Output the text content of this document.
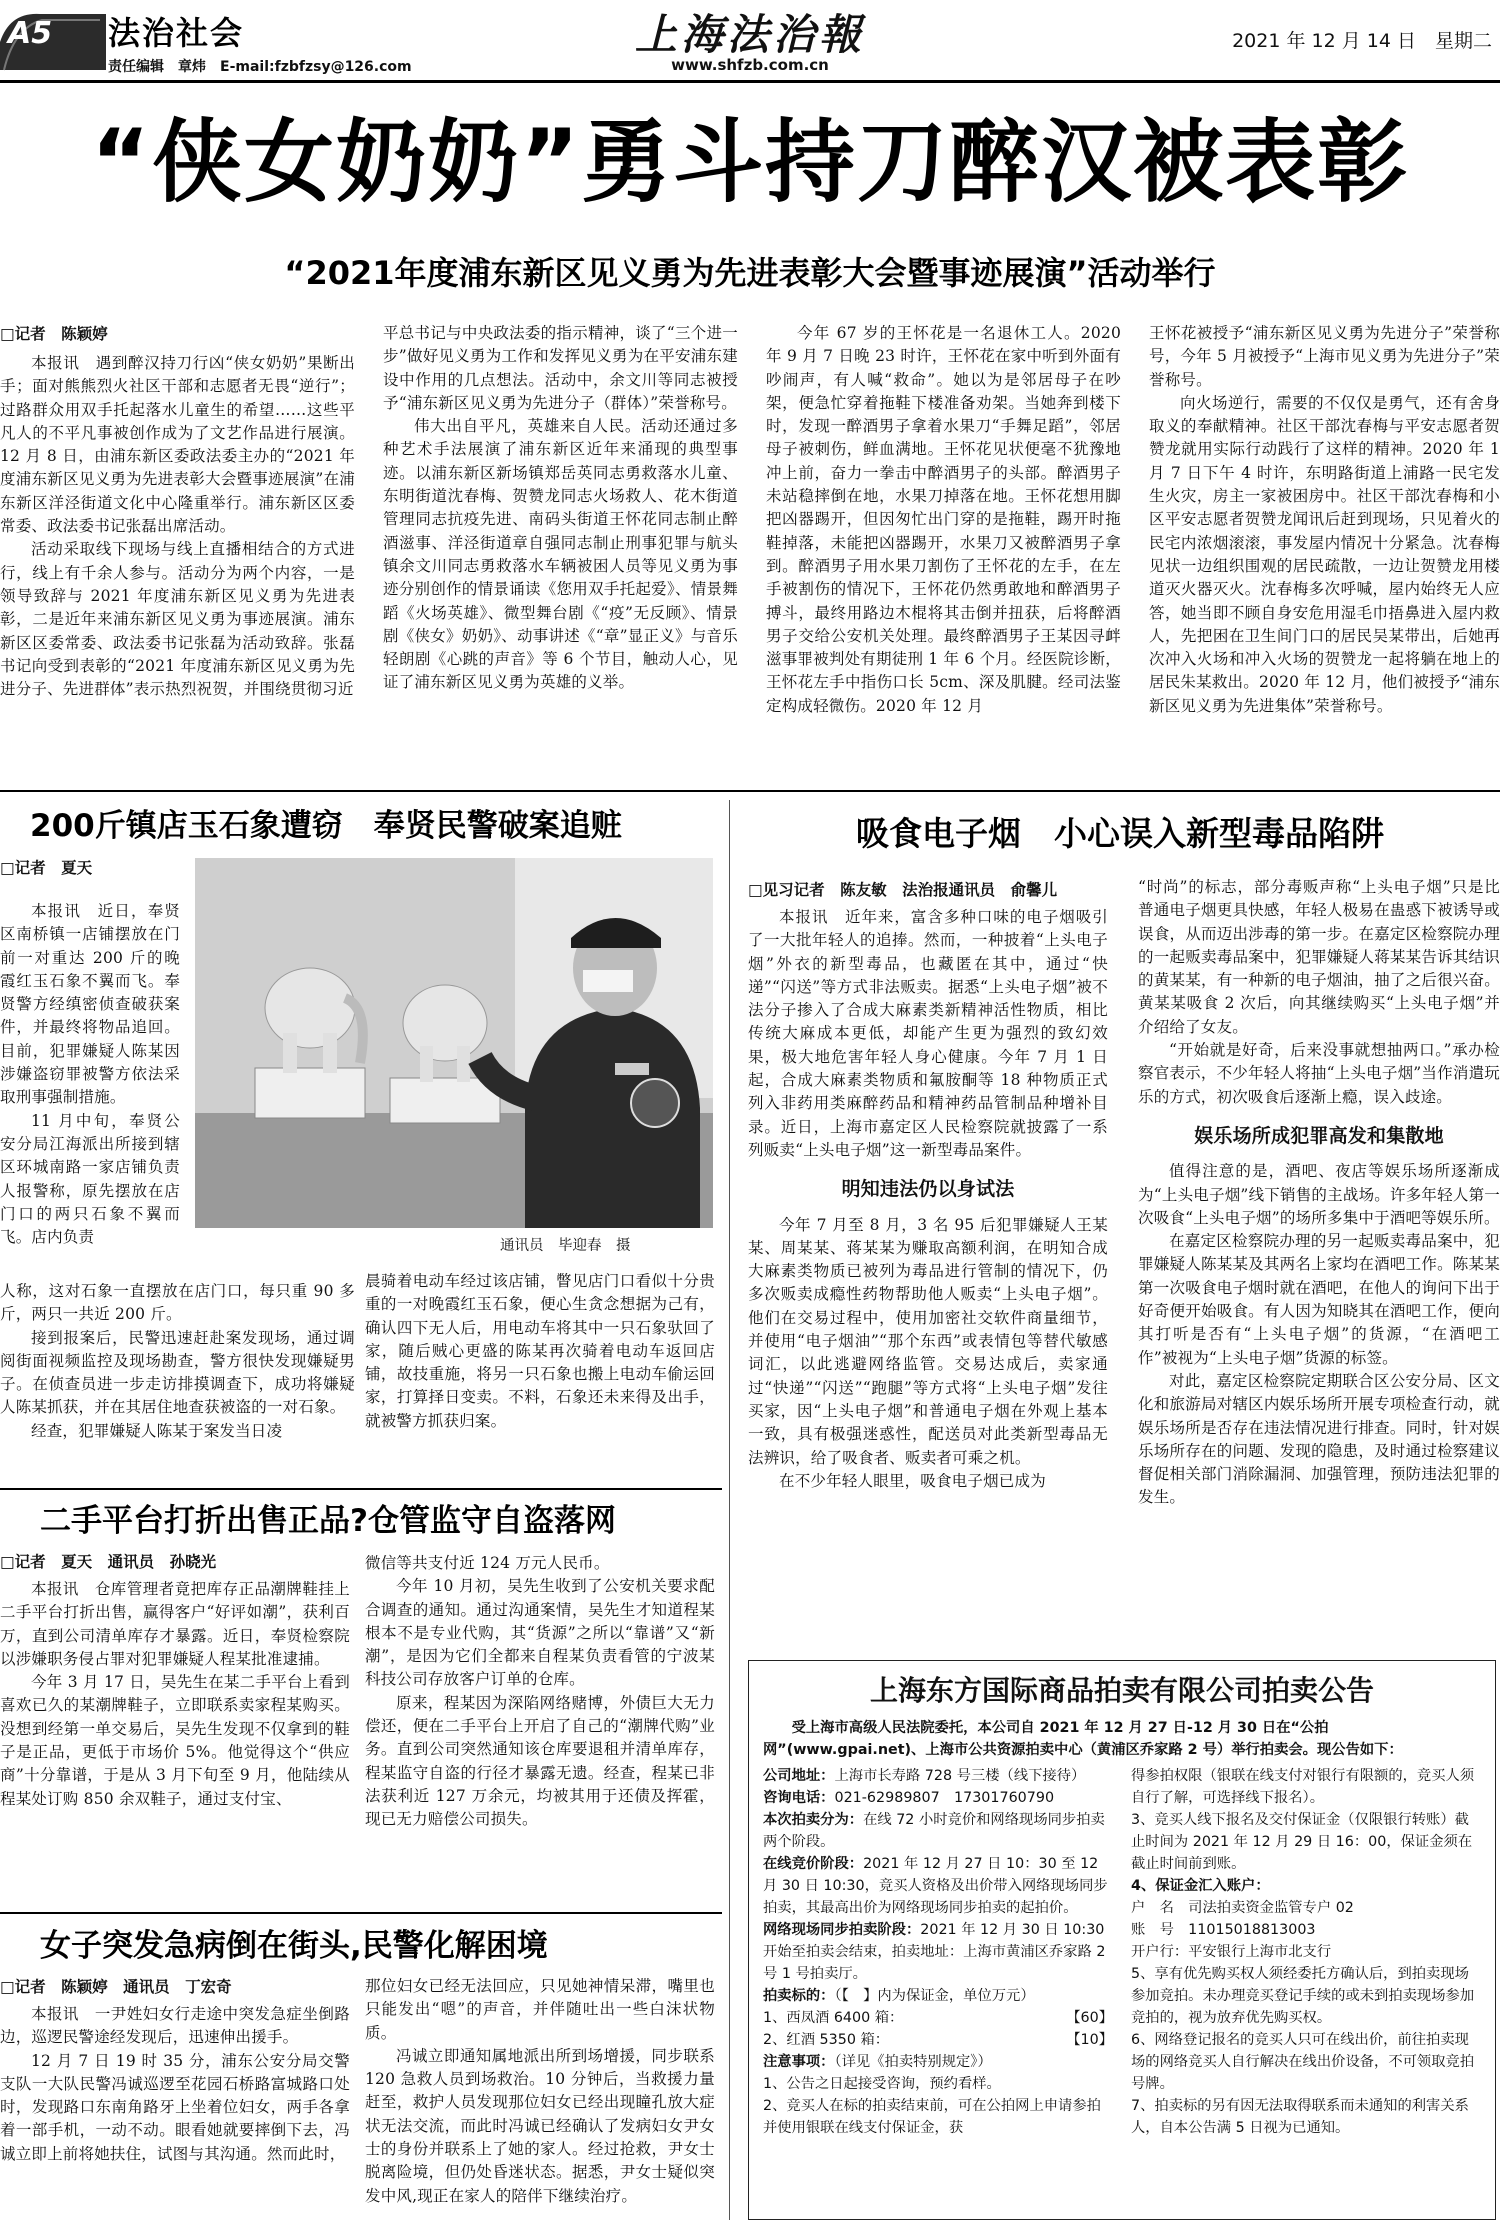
A5 法治社会
责任编辑　章炜　E-mail:fzbfzsy@126.com
上海法治報
www.shfzb.com.cn
2021 年 12 月 14 日　星期二
“侠女奶奶”勇斗持刀醉汉被表彰
“2021年度浦东新区见义勇为先进表彰大会暨事迹展演”活动举行
□记者　陈颖婷

本报讯　遇到醉汉持刀行凶“侠女奶奶”果断出手；面对熊熊烈火社区干部和志愿者无畏“逆行”；过路群众用双手托起落水儿童生的希望……这些平凡人的不平凡事被创作成为了文艺作品进行展演。12 月 8 日，由浦东新区委政法委主办的“2021 年度浦东新区见义勇为先进表彰大会暨事迹展演”在浦东新区洋泾街道文化中心隆重举行。浦东新区区委常委、政法委书记张磊出席活动。

活动采取线下现场与线上直播相结合的方式进行，线上有千余人参与。活动分为两个内容，一是领导致辞与 2021 年度浦东新区见义勇为先进表彰，二是近年来浦东新区见义勇为事迹展演。浦东新区区委常委、政法委书记张磊为活动致辞。张磊书记向受到表彰的“2021 年度浦东新区见义勇为先进分子、先进群体”表示热烈祝贺，并围绕贯彻习近

平总书记与中央政法委的指示精神，谈了“三个进一步”做好见义勇为工作和发挥见义勇为在平安浦东建设中作用的几点想法。活动中，余文川等同志被授予“浦东新区见义勇为先进分子（群体）”荣誉称号。

伟大出自平凡，英雄来自人民。活动还通过多种艺术手法展演了浦东新区近年来涌现的典型事迹。以浦东新区新场镇郑岳英同志勇救落水儿童、东明街道沈春梅、贺赞龙同志火场救人、花木街道管理同志抗疫先进、南码头街道王怀花同志制止醉酒滋事、洋泾街道章自强同志制止刑事犯罪与航头镇余文川同志勇救落水车辆被困人员等见义勇为事迹分别创作的情景诵读《您用双手托起爱》、情景舞蹈《火场英雄》、微型舞台剧《“疫”无反顾》、情景剧《侠女》奶奶》、动事讲述《“章”显正义》与音乐轻朗剧《心跳的声音》等 6 个节目，触动人心，见证了浦东新区见义勇为英雄的义举。

今年 67 岁的王怀花是一名退休工人。2020 年 9 月 7 日晚 23 时许，王怀花在家中听到外面有吵闹声，有人喊“救命”。她以为是邻居母子在吵架，便急忙穿着拖鞋下楼准备劝架。当她奔到楼下时，发现一醉酒男子拿着水果刀“手舞足蹈”，邻居母子被刺伤，鲜血满地。王怀花见状便毫不犹豫地冲上前，奋力一拳击中醉酒男子的头部。醉酒男子未站稳摔倒在地，水果刀掉落在地。王怀花想用脚把凶器踢开，但因匆忙出门穿的是拖鞋，踢开时拖鞋掉落，未能把凶器踢开，水果刀又被醉酒男子拿到。醉酒男子用水果刀割伤了王怀花的左手，在左手被割伤的情况下，王怀花仍然勇敢地和醉酒男子搏斗，最终用路边木棍将其击倒并扭获，后将醉酒男子交给公安机关处理。最终醉酒男子王某因寻衅滋事罪被判处有期徒刑 1 年 6 个月。经医院诊断，王怀花左手中指伤口长 5cm、深及肌腱。经司法鉴定构成轻微伤。2020 年 12 月

王怀花被授予“浦东新区见义勇为先进分子”荣誉称号，今年 5 月被授予“上海市见义勇为先进分子”荣誉称号。

向火场逆行，需要的不仅仅是勇气，还有舍身取义的奉献精神。社区干部沈春梅与平安志愿者贺赞龙就用实际行动践行了这样的精神。2020 年 1 月 7 日下午 4 时许，东明路街道上浦路一民宅发生火灾，房主一家被困房中。社区干部沈春梅和小区平安志愿者贺赞龙闻讯后赶到现场，只见着火的民宅内浓烟滚滚，事发屋内情况十分紧急。沈春梅见状一边组织围观的居民疏散，一边让贺赞龙用楼道灭火器灭火。沈春梅多次呼喊，屋内始终无人应答，她当即不顾自身安危用湿毛巾捂鼻进入屋内救人，先把困在卫生间门口的居民吴某带出，后她再次冲入火场和冲入火场的贺赞龙一起将躺在地上的居民朱某救出。2020 年 12 月，他们被授予“浦东新区见义勇为先进集体”荣誉称号。

200斤镇店玉石象遭窃　奉贤民警破案追赃
□记者　夏天

本报讯　近日，奉贤区南桥镇一店铺摆放在门前一对重达 200 斤的晚霞红玉石象不翼而飞。奉贤警方经缜密侦查破获案件，并最终将物品追回。目前，犯罪嫌疑人陈某因涉嫌盗窃罪被警方依法采取刑事强制措施。

11 月中旬，奉贤公安分局江海派出所接到辖区环城南路一家店铺负责人报警称，原先摆放在店门口的两只石象不翼而飞。店内负责	通讯员　毕迎春　摄

人称，这对石象一直摆放在店门口，每只重 90 多斤，两只一共近 200 斤。

接到报案后，民警迅速赶赴案发现场，通过调阅街面视频监控及现场勘查，警方很快发现嫌疑男子。在侦查员进一步走访排摸调查下，成功将嫌疑人陈某抓获，并在其居住地查获被盗的一对石象。

经查，犯罪嫌疑人陈某于案发当日凌

晨骑着电动车经过该店铺，瞥见店门口看似十分贵重的一对晚霞红玉石象，便心生贪念想据为己有，确认四下无人后，用电动车将其中一只石象驮回了家，随后贼心更盛的陈某再次骑着电动车返回店铺，故技重施，将另一只石象也搬上电动车偷运回家，打算择日变卖。不料，石象还未来得及出手，就被警方抓获归案。

二手平台打折出售正品?仓管监守自盗落网
□记者　夏天　通讯员　孙晓光

本报讯　仓库管理者竟把库存正品潮牌鞋挂上二手平台打折出售，赢得客户“好评如潮”，获利百万，直到公司清单库存才暴露。近日，奉贤检察院以涉嫌职务侵占罪对犯罪嫌疑人程某批准逮捕。

今年 3 月 17 日，吴先生在某二手平台上看到喜欢已久的某潮牌鞋子，立即联系卖家程某购买。没想到经第一单交易后，吴先生发现不仅拿到的鞋子是正品，更低于市场价 5%。他觉得这个“供应商”十分靠谱，于是从 3 月下旬至 9 月，他陆续从程某处订购 850 余双鞋子，通过支付宝、

微信等共支付近 124 万元人民币。

今年 10 月初，吴先生收到了公安机关要求配合调查的通知。通过沟通案情，吴先生才知道程某根本不是专业代购，其“货源”之所以“靠谱”又“新潮”，是因为它们全都来自程某负责看管的宁波某科技公司存放客户订单的仓库。

原来，程某因为深陷网络赌博，外债巨大无力偿还，便在二手平台上开启了自己的“潮牌代购”业务。直到公司突然通知该仓库要退租并清单库存，程某监守自盗的行径才暴露无遗。经查，程某已非法获利近 127 万余元，均被其用于还债及挥霍，现已无力赔偿公司损失。

女子突发急病倒在街头,民警化解困境
□记者　陈颖婷　通讯员　丁宏奇

本报讯　一尹姓妇女行走途中突发急症坐倒路边，巡逻民警途经发现后，迅速伸出援手。

12 月 7 日 19 时 35 分，浦东公安分局交警支队一大队民警冯诚巡逻至花园石桥路富城路口处时，发现路口东南角路牙上坐着位妇女，两手各拿着一部手机，一动不动。眼看她就要摔倒下去，冯诚立即上前将她扶住，试图与其沟通。然而此时，

那位妇女已经无法回应，只见她神情呆滞，嘴里也只能发出“嗯”的声音，并伴随吐出一些白沫状物质。

冯诚立即通知属地派出所到场增援，同步联系 120 急救人员到场救治。10 分钟后，当救援力量赶至，救护人员发现那位妇女已经出现瞳孔放大症状无法交流，而此时冯诚已经确认了发病妇女尹女士的身份并联系上了她的家人。经过抢救，尹女士脱离险境，但仍处昏迷状态。据悉，尹女士疑似突发中风,现正在家人的陪伴下继续治疗。

吸食电子烟　小心误入新型毒品陷阱
□见习记者　陈友敏　法治报通讯员　俞馨儿

本报讯　近年来，富含多种口味的电子烟吸引了一大批年轻人的追捧。然而，一种披着“上头电子烟”外衣的新型毒品，也藏匿在其中，通过“快递”“闪送”等方式非法贩卖。据悉“上头电子烟”被不法分子掺入了合成大麻素类新精神活性物质，相比传统大麻成本更低，却能产生更为强烈的致幻效果，极大地危害年轻人身心健康。今年 7 月 1 日起，合成大麻素类物质和氟胺酮等 18 种物质正式列入非药用类麻醉药品和精神药品管制品种增补目录。近日，上海市嘉定区人民检察院就披露了一系列贩卖“上头电子烟”这一新型毒品案件。

明知违法仍以身试法

今年 7 月至 8 月，3 名 95 后犯罪嫌疑人王某某、周某某、蒋某某为赚取高额利润，在明知合成大麻素类物质已被列为毒品进行管制的情况下，仍多次贩卖成瘾性药物帮助他人贩卖“上头电子烟”。他们在交易过程中，使用加密社交软件商量细节，并使用“电子烟油”“那个东西”或表情包等替代敏感词汇，以此逃避网络监管。交易达成后，卖家通过“快递”“闪送”“跑腿”等方式将“上头电子烟”发往买家，因“上头电子烟”和普通电子烟在外观上基本一致，具有极强迷惑性，配送员对此类新型毒品无法辨识，给了吸食者、贩卖者可乘之机。

在不少年轻人眼里，吸食电子烟已成为

“时尚”的标志，部分毒贩声称“上头电子烟”只是比普通电子烟更具快感，年轻人极易在蛊惑下被诱导或误食，从而迈出涉毒的第一步。在嘉定区检察院办理的一起贩卖毒品案中，犯罪嫌疑人蒋某某告诉其结识的黄某某，有一种新的电子烟油，抽了之后很兴奋。黄某某吸食 2 次后，向其继续购买“上头电子烟”并介绍给了女友。

“开始就是好奇，后来没事就想抽两口。”承办检察官表示，不少年轻人将抽“上头电子烟”当作消遣玩乐的方式，初次吸食后逐渐上瘾，误入歧途。

娱乐场所成犯罪高发和集散地

值得注意的是，酒吧、夜店等娱乐场所逐渐成为“上头电子烟”线下销售的主战场。许多年轻人第一次吸食“上头电子烟”的场所多集中于酒吧等娱乐所。

在嘉定区检察院办理的另一起贩卖毒品案中，犯罪嫌疑人陈某某及其两名上家均在酒吧工作。陈某某第一次吸食电子烟时就在酒吧，在他人的询问下出于好奇便开始吸食。有人因为知晓其在酒吧工作，便向其打听是否有“上头电子烟”的货源，“在酒吧工作”被视为“上头电子烟”货源的标签。

对此，嘉定区检察院定期联合区公安分局、区文化和旅游局对辖区内娱乐场所开展专项检查行动，就娱乐场所是否存在违法情况进行排查。同时，针对娱乐场所存在的问题、发现的隐患，及时通过检察建议督促相关部门消除漏洞、加强管理，预防违法犯罪的发生。

上海东方国际商品拍卖有限公司拍卖公告

受上海市高级人民法院委托，本公司自 2021 年 12 月 27 日-12 月 30 日在“公拍网”(www.gpai.net)、上海市公共资源拍卖中心（黄浦区乔家路 2 号）举行拍卖会。现公告如下：

公司地址：上海市长寿路 728 号三楼（线下接待）

咨询电话：021-62989807　17301760790

本次拍卖分为：在线 72 小时竞价和网络现场同步拍卖两个阶段。

在线竞价阶段：2021 年 12 月 27 日 10：30 至 12 月 30 日 10:30，竞买人资格及出价带入网络现场同步拍卖，其最高出价为网络现场同步拍卖的起拍价。

网络现场同步拍卖阶段：2021 年 12 月 30 日 10:30 开始至拍卖会结束，拍卖地址：上海市黄浦区乔家路 2 号 1 号拍卖厅。

拍卖标的：（【　】内为保证金，单位万元）

1、西凤酒 6400 箱：	【60】

2、红酒 5350 箱：	【10】

注意事项：（详见《拍卖特别规定》）

1、公告之日起接受咨询，预约看样。

2、竞买人在标的拍卖结束前，可在公拍网上申请参拍并使用银联在线支付保证金，获

得参拍权限（银联在线支付对银行有限额的，竞买人须自行了解，可选择线下报名）。

3、竞买人线下报名及交付保证金（仅限银行转账）截止时间为 2021 年 12 月 29 日 16：00，保证金须在截止时间前到账。

4、保证金汇入账户：

户　名　司法拍卖资金监管专户 02

账　号　11015018813003

开户行：平安银行上海市北支行

5、享有优先购买权人须经委托方确认后，到拍卖现场参加竞拍。未办理竞买登记手续的或未到拍卖现场参加竞拍的，视为放弃优先购买权。

6、网络登记报名的竞买人只可在线出价，前往拍卖现场的网络竞买人自行解决在线出价设备，不可领取竞拍号牌。

7、拍卖标的另有因无法取得联系而未通知的利害关系人，自本公告满 5 日视为已通知。
